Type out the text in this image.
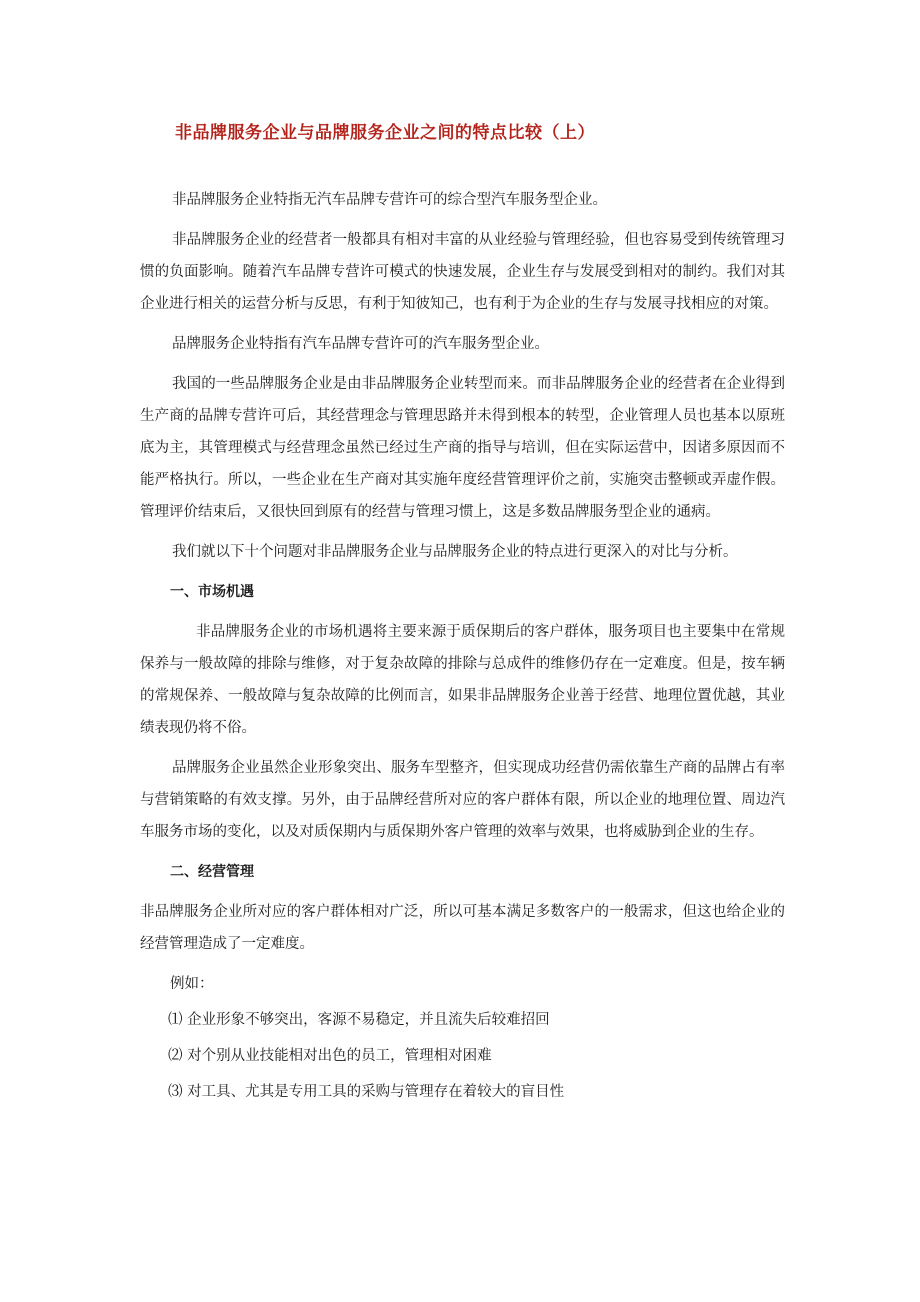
非品牌服务企业与品牌服务企业之间的特点比较（上）

非品牌服务企业特指无汽车品牌专营许可的综合型汽车服务型企业。

非品牌服务企业的经营者一般都具有相对丰富的从业经验与管理经验，但也容易受到传统管理习惯的负面影响。随着汽车品牌专营许可模式的快速发展，企业生存与发展受到相对的制约。我们对其企业进行相关的运营分析与反思，有利于知彼知己，也有利于为企业的生存与发展寻找相应的对策。

品牌服务企业特指有汽车品牌专营许可的汽车服务型企业。

我国的一些品牌服务企业是由非品牌服务企业转型而来。而非品牌服务企业的经营者在企业得到生产商的品牌专营许可后，其经营理念与管理思路并未得到根本的转型，企业管理人员也基本以原班底为主，其管理模式与经营理念虽然已经过生产商的指导与培训，但在实际运营中，因诸多原因而不能严格执行。所以，一些企业在生产商对其实施年度经营管理评价之前，实施突击整顿或弄虚作假。管理评价结束后，又很快回到原有的经营与管理习惯上，这是多数品牌服务型企业的通病。

我们就以下十个问题对非品牌服务企业与品牌服务企业的特点进行更深入的对比与分析。

一、市场机遇

非品牌服务企业的市场机遇将主要来源于质保期后的客户群体，服务项目也主要集中在常规保养与一般故障的排除与维修，对于复杂故障的排除与总成件的维修仍存在一定难度。但是，按车辆的常规保养、一般故障与复杂故障的比例而言，如果非品牌服务企业善于经营、地理位置优越，其业绩表现仍将不俗。

品牌服务企业虽然企业形象突出、服务车型整齐，但实现成功经营仍需依靠生产商的品牌占有率与营销策略的有效支撑。另外，由于品牌经营所对应的客户群体有限，所以企业的地理位置、周边汽车服务市场的变化，以及对质保期内与质保期外客户管理的效率与效果，也将威胁到企业的生存。

二、经营管理

非品牌服务企业所对应的客户群体相对广泛，所以可基本满足多数客户的一般需求，但这也给企业的经营管理造成了一定难度。

例如：

⑴ 企业形象不够突出，客源不易稳定，并且流失后较难招回

⑵ 对个别从业技能相对出色的员工，管理相对困难

⑶ 对工具、尤其是专用工具的采购与管理存在着较大的盲目性
